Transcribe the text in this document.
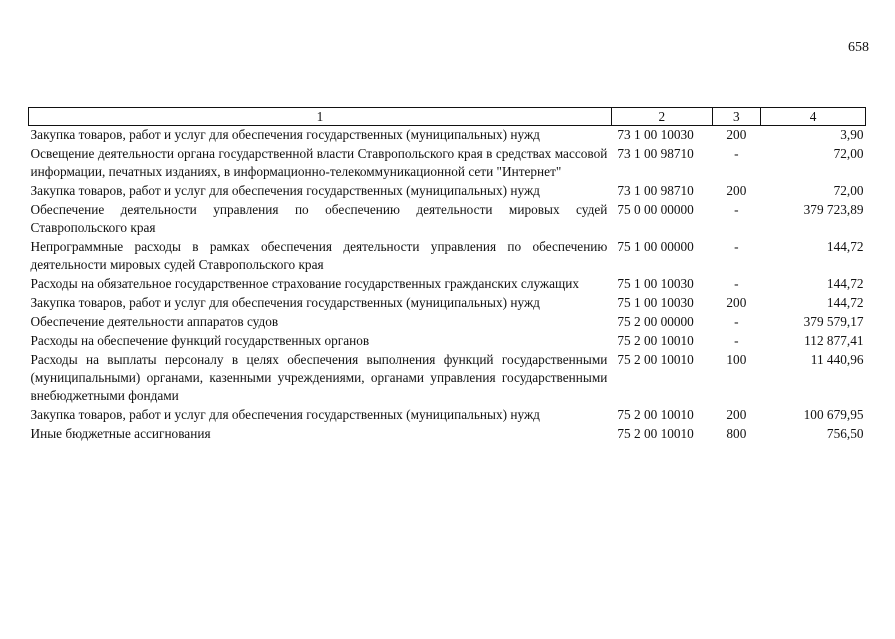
658
1	2	3	4
Закупка товаров, работ и услуг для обеспечения государственных (муниципальных) нужд	73 1 00 10030	200	3,90
Освещение деятельности органа государственной власти Ставропольского края в средствах массовой информации, печатных изданиях, в информационно-телекоммуникационной сети "Интернет"	73 1 00 98710	-	72,00
Закупка товаров, работ и услуг для обеспечения государственных (муниципальных) нужд	73 1 00 98710	200	72,00
Обеспечение деятельности управления по обеспечению деятельности мировых судей Ставропольского края	75 0 00 00000	-	379 723,89
Непрограммные расходы в рамках обеспечения деятельности управления по обеспечению деятельности мировых судей Ставропольского края	75 1 00 00000	-	144,72
Расходы на обязательное государственное страхование государственных гражданских служащих	75 1 00 10030	-	144,72
Закупка товаров, работ и услуг для обеспечения государственных (муниципальных) нужд	75 1 00 10030	200	144,72
Обеспечение деятельности аппаратов судов	75 2 00 00000	-	379 579,17
Расходы на обеспечение функций государственных органов	75 2 00 10010	-	112 877,41
Расходы на выплаты персоналу в целях обеспечения выполнения функций государственными (муниципальными) органами, казенными учреждениями, органами управления государственными внебюджетными фондами	75 2 00 10010	100	11 440,96
Закупка товаров, работ и услуг для обеспечения государственных (муниципальных) нужд	75 2 00 10010	200	100 679,95
Иные бюджетные ассигнования	75 2 00 10010	800	756,50
